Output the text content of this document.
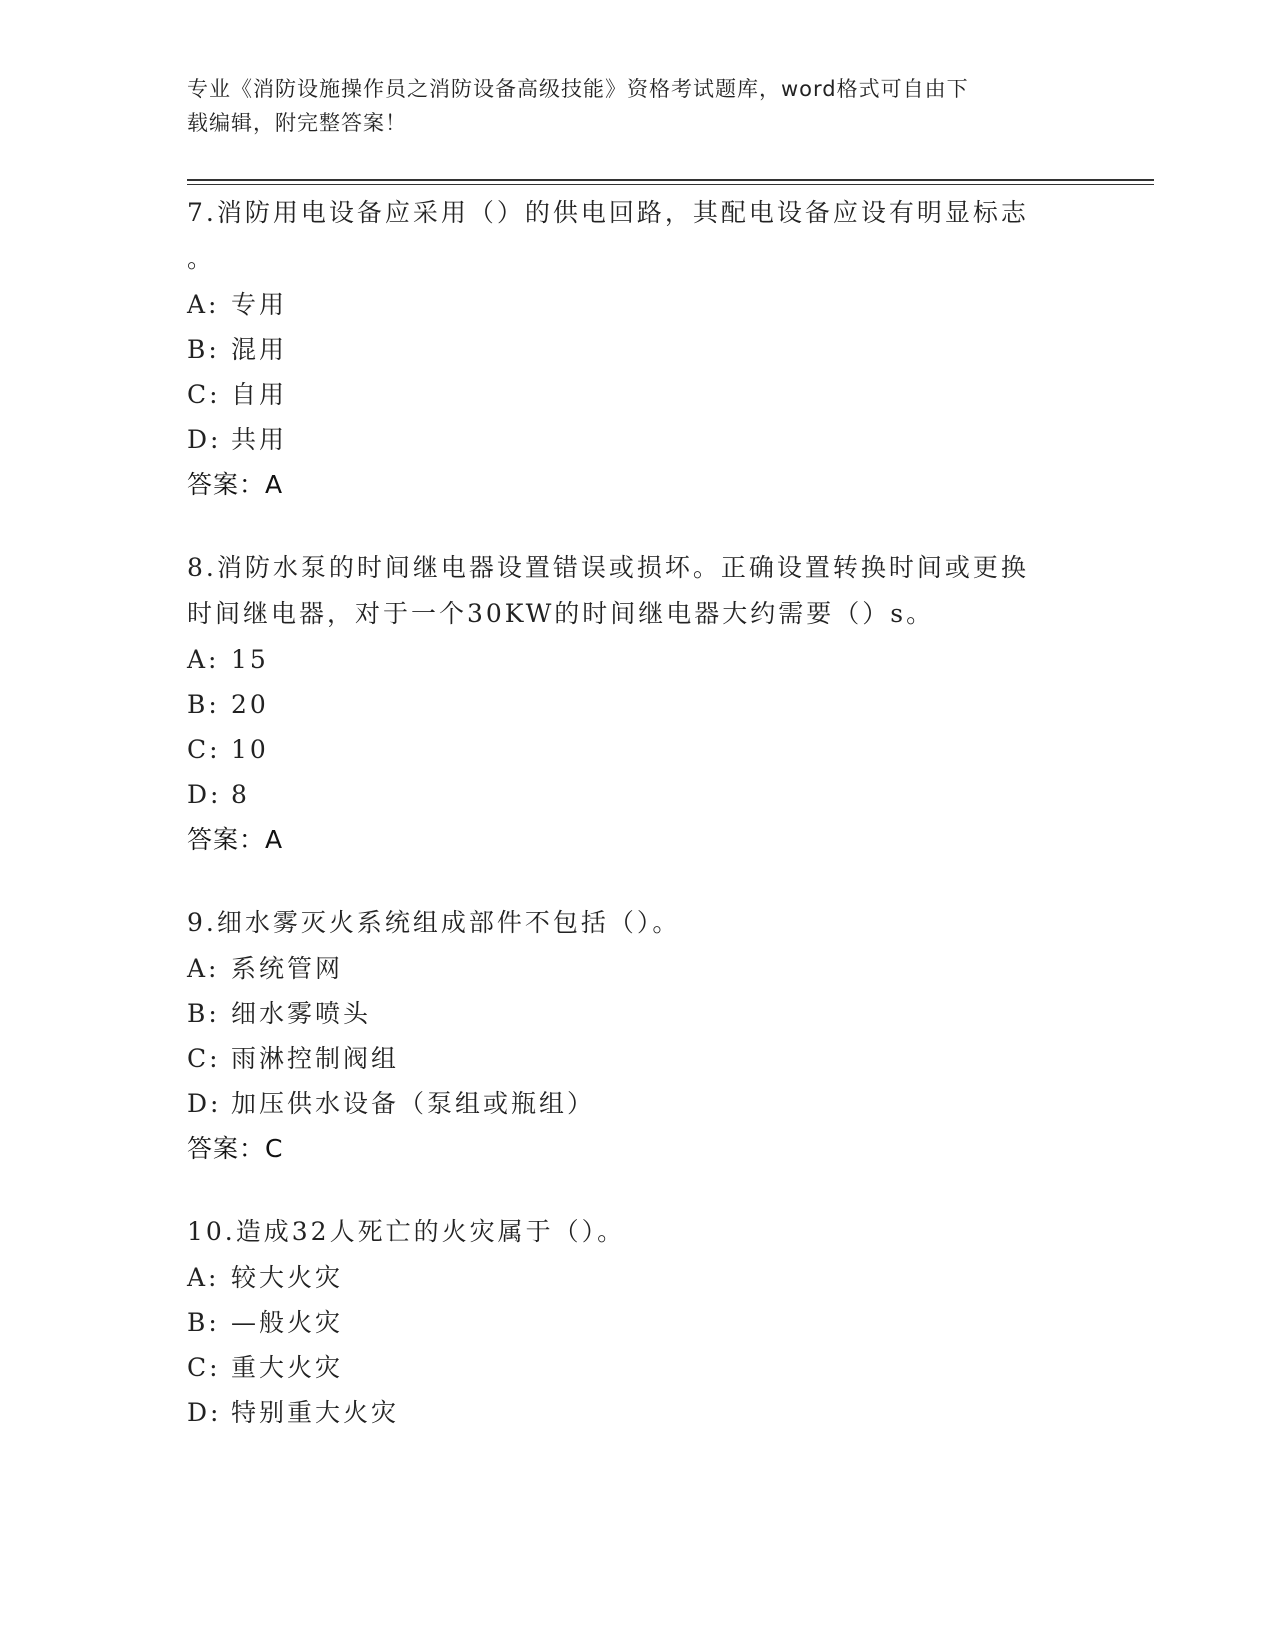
专业《消防设施操作员之消防设备高级技能》资格考试题库，word格式可自由下
载编辑，附完整答案！
7.消防用电设备应采用（）的供电回路，其配电设备应设有明显标志
。
A: 专用
B: 混用
C: 自用
D: 共用
答案：A
8.消防水泵的时间继电器设置错误或损坏。正确设置转换时间或更换
时间继电器，对于一个30KW的时间继电器大约需要（）s。
A: 15
B: 20
C: 10
D: 8
答案：A
9.细水雾灭火系统组成部件不包括（）。
A: 系统管网
B: 细水雾喷头
C: 雨淋控制阀组
D: 加压供水设备（泵组或瓶组）
答案：C
10.造成32人死亡的火灾属于（）。
A: 较大火灾
B: —般火灾
C: 重大火灾
D: 特别重大火灾
